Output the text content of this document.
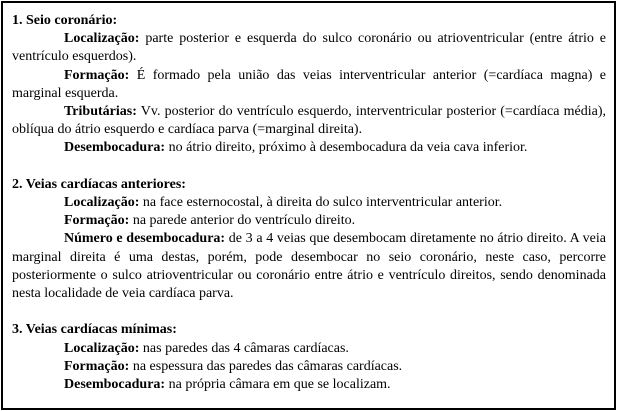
1. Seio coronário:

Localização: parte posterior e esquerda do sulco coronário ou atrioventricular (entre átrio e ventrículo esquerdos).

Formação: É formado pela união das veias interventricular anterior (=cardíaca magna) e marginal esquerda.

Tributárias: Vv. posterior do ventrículo esquerdo, interventricular posterior (=cardíaca média), oblíqua do átrio esquerdo e cardíaca parva (=marginal direita).

Desembocadura: no átrio direito, próximo à desembocadura da veia cava inferior.

2. Veias cardíacas anteriores:

Localização: na face esternocostal, à direita do sulco interventricular anterior.

Formação: na parede anterior do ventrículo direito.

Número e desembocadura: de 3 a 4 veias que desembocam diretamente no átrio direito. A veia marginal direita é uma destas, porém, pode desembocar no seio coronário, neste caso, percorre posteriormente o sulco atrioventricular ou coronário entre átrio e ventrículo direitos, sendo denominada nesta localidade de veia cardíaca parva.

3. Veias cardíacas mínimas:

Localização: nas paredes das 4 câmaras cardíacas.

Formação: na espessura das paredes das câmaras cardíacas.

Desembocadura: na própria câmara em que se localizam.
